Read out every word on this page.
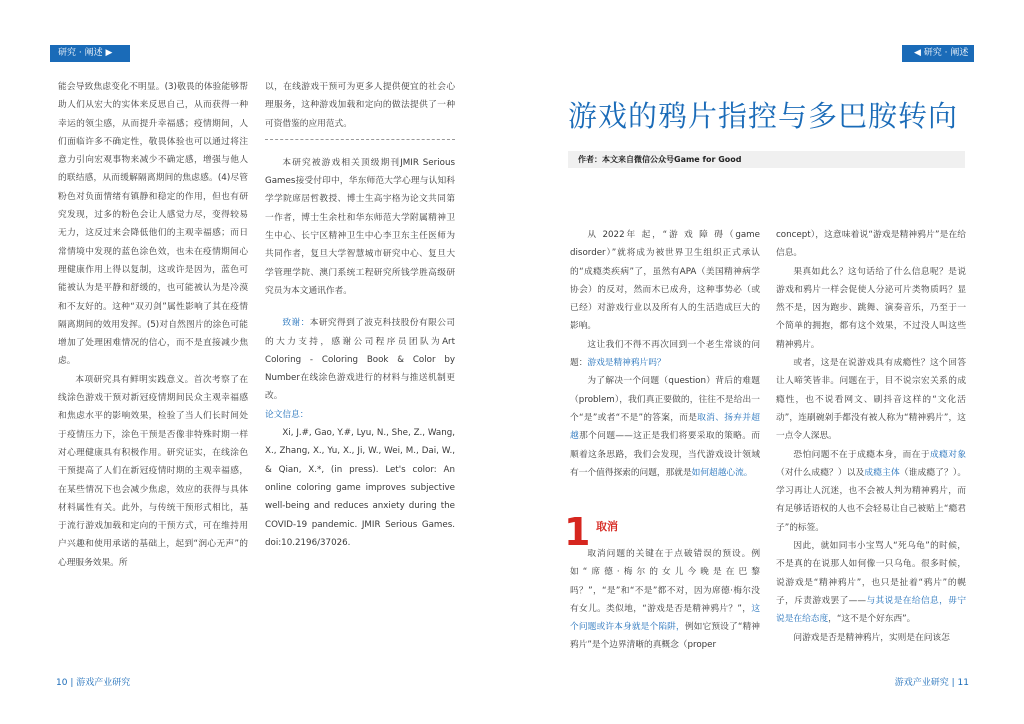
研究 · 阐述 ▶

能会导致焦虑变化不明显。(3)敬畏的体验能够帮助人们从宏大的实体来反思自己，从而获得一种幸运的领尘感，从而提升幸福感；疫情期间，人们面临许多不确定性，敬畏体验也可以通过将注意力引向宏观事物来减少不确定感，增强与他人的联结感，从而缓解隔离期间的焦虑感。(4)尽管粉色对负面情绪有镇静和稳定的作用，但也有研究发现，过多的粉色会让人感觉力尽，变得较易无力，这反过来会降低他们的主观幸福感；而日常情境中发现的蓝色涂色效，也未在疫情期间心理健康作用上得以复制，这或许是因为，蓝色可能被认为是平静和舒缓的，也可能被认为是冷漠和不友好的。这种“双刃剑”属性影响了其在疫情隔离期间的效用发挥。(5)对自然图片的涂色可能增加了处理困难情况的信心，而不是直接减少焦虑。

本项研究具有鲜明实践意义。首次考察了在线涂色游戏干预对新冠疫情期间民众主观幸福感和焦虑水平的影响效果，检验了当人们长时间处于疫情压力下，涂色干预是否像非特殊时期一样对心理健康具有积极作用。研究证实，在线涂色干预提高了人们在新冠疫情时期的主观幸福感，在某些情况下也会减少焦虑，效应的获得与具体材料属性有关。此外，与传统干预形式相比，基于流行游戏加载和定向的干预方式，可在维持用户兴趣和使用承诺的基础上，起到“润心无声”的心理服务效果。所

以，在线游戏干预可为更多人提供便宜的社会心理服务，这种游戏加载和定向的做法提供了一种可资借鉴的应用范式。

本研究被游戏相关顶级期刊JMIR Serious Games接受付印中，华东师范大学心理与认知科学学院席居哲教授、博士生高宇格为论文共同第一作者，博士生余杜和华东师范大学附属精神卫生中心、长宁区精神卫生中心李卫东主任医师为共同作者，复旦大学智慧城市研究中心、复旦大学管理学院、澳门系统工程研究所钱学胜高级研究员为本文通讯作者。

致谢：本研究得到了波克科技股份有限公司的大力支持，感谢公司程序员团队为Art Coloring - Coloring Book & Color by Number在线涂色游戏进行的材料与推送机制更改。

论文信息：

Xi, J.#, Gao, Y.#, Lyu, N., She, Z., Wang, X., Zhang, X., Yu, X., Ji, W., Wei, M., Dai, W., & Qian, X.*, (in press). Let's color: An online coloring game improves subjective well-being and reduces anxiety during the COVID-19 pandemic. JMIR Serious Games. doi:10.2196/37026.

10 | 游戏产业研究
◀ 研究 · 阐述
游戏的鸦片指控与多巴胺转向
作者：本文来自微信公众号Game for Good

从 2022年 起，“游 戏 障 碍（game disorder）”就将成为被世界卫生组织正式承认的“成瘾类疾病”了，虽然有APA（美国精神病学协会）的反对，然而木已成舟，这种事势必（或已经）对游戏行业以及所有人的生活造成巨大的影响。

这让我们不得不再次回到一个老生常谈的问题：游戏是精神鸦片吗？

为了解决一个问题（question）背后的难题（problem），我们真正要做的，往往不是给出一个“是”或者“不是”的答案，而是取消、扬弃并超越那个问题——这正是我们将要采取的策略。而顺着这条思路，我们会发现，当代游戏设计领域有一个值得探索的问题，那就是如何超越心流。

1 取消

取消问题的关键在于点破错误的预设。例如“席德·梅尔的女儿今晚是在巴黎吗？”，“是”和“不是”都不对，因为席德·梅尔没有女儿。类似地，“游戏是否是精神鸦片？”，这个问题或许本身就是个陷阱，例如它预设了“精神鸦片”是个边界清晰的真概念（proper

concept），这意味着说“游戏是精神鸦片”是在给信息。

果真如此么？这句话给了什么信息呢？是说游戏和鸦片一样会促使人分泌可片类物质吗？显然不是，因为跑步、跳舞、演奏音乐，乃至于一个简单的拥抱，都有这个效果，不过没人叫这些精神鸦片。

或者，这是在说游戏具有成瘾性？这个回答让人啼笑皆非。问题在于，目不说宗宏关系的成瘾性，也不说看网文、刷抖音这样的“文化活动”，连刷碗剁手都没有被人称为“精神鸦片”，这一点令人深思。

恐怕问题不在于成瘾本身，而在于成瘾对象（对什么成瘾？）以及成瘾主体（谁成瘾了？）。学习再让人沉迷，也不会被人判为精神鸦片，而有足够话语权的人也不会轻易让自己被贴上“瘾君子”的标签。

因此，就如同韦小宝骂人“死乌龟”的时候，不是真的在说那人如何像一只乌龟。很多时候，说游戏是“精神鸦片”，也只是扯着“鸦片”的幌子，斥责游戏罢了——与其说是在给信息，毋宁说是在给态度，“这不是个好东西”。

问游戏是否是精神鸦片，实则是在问该怎

游戏产业研究 | 11
